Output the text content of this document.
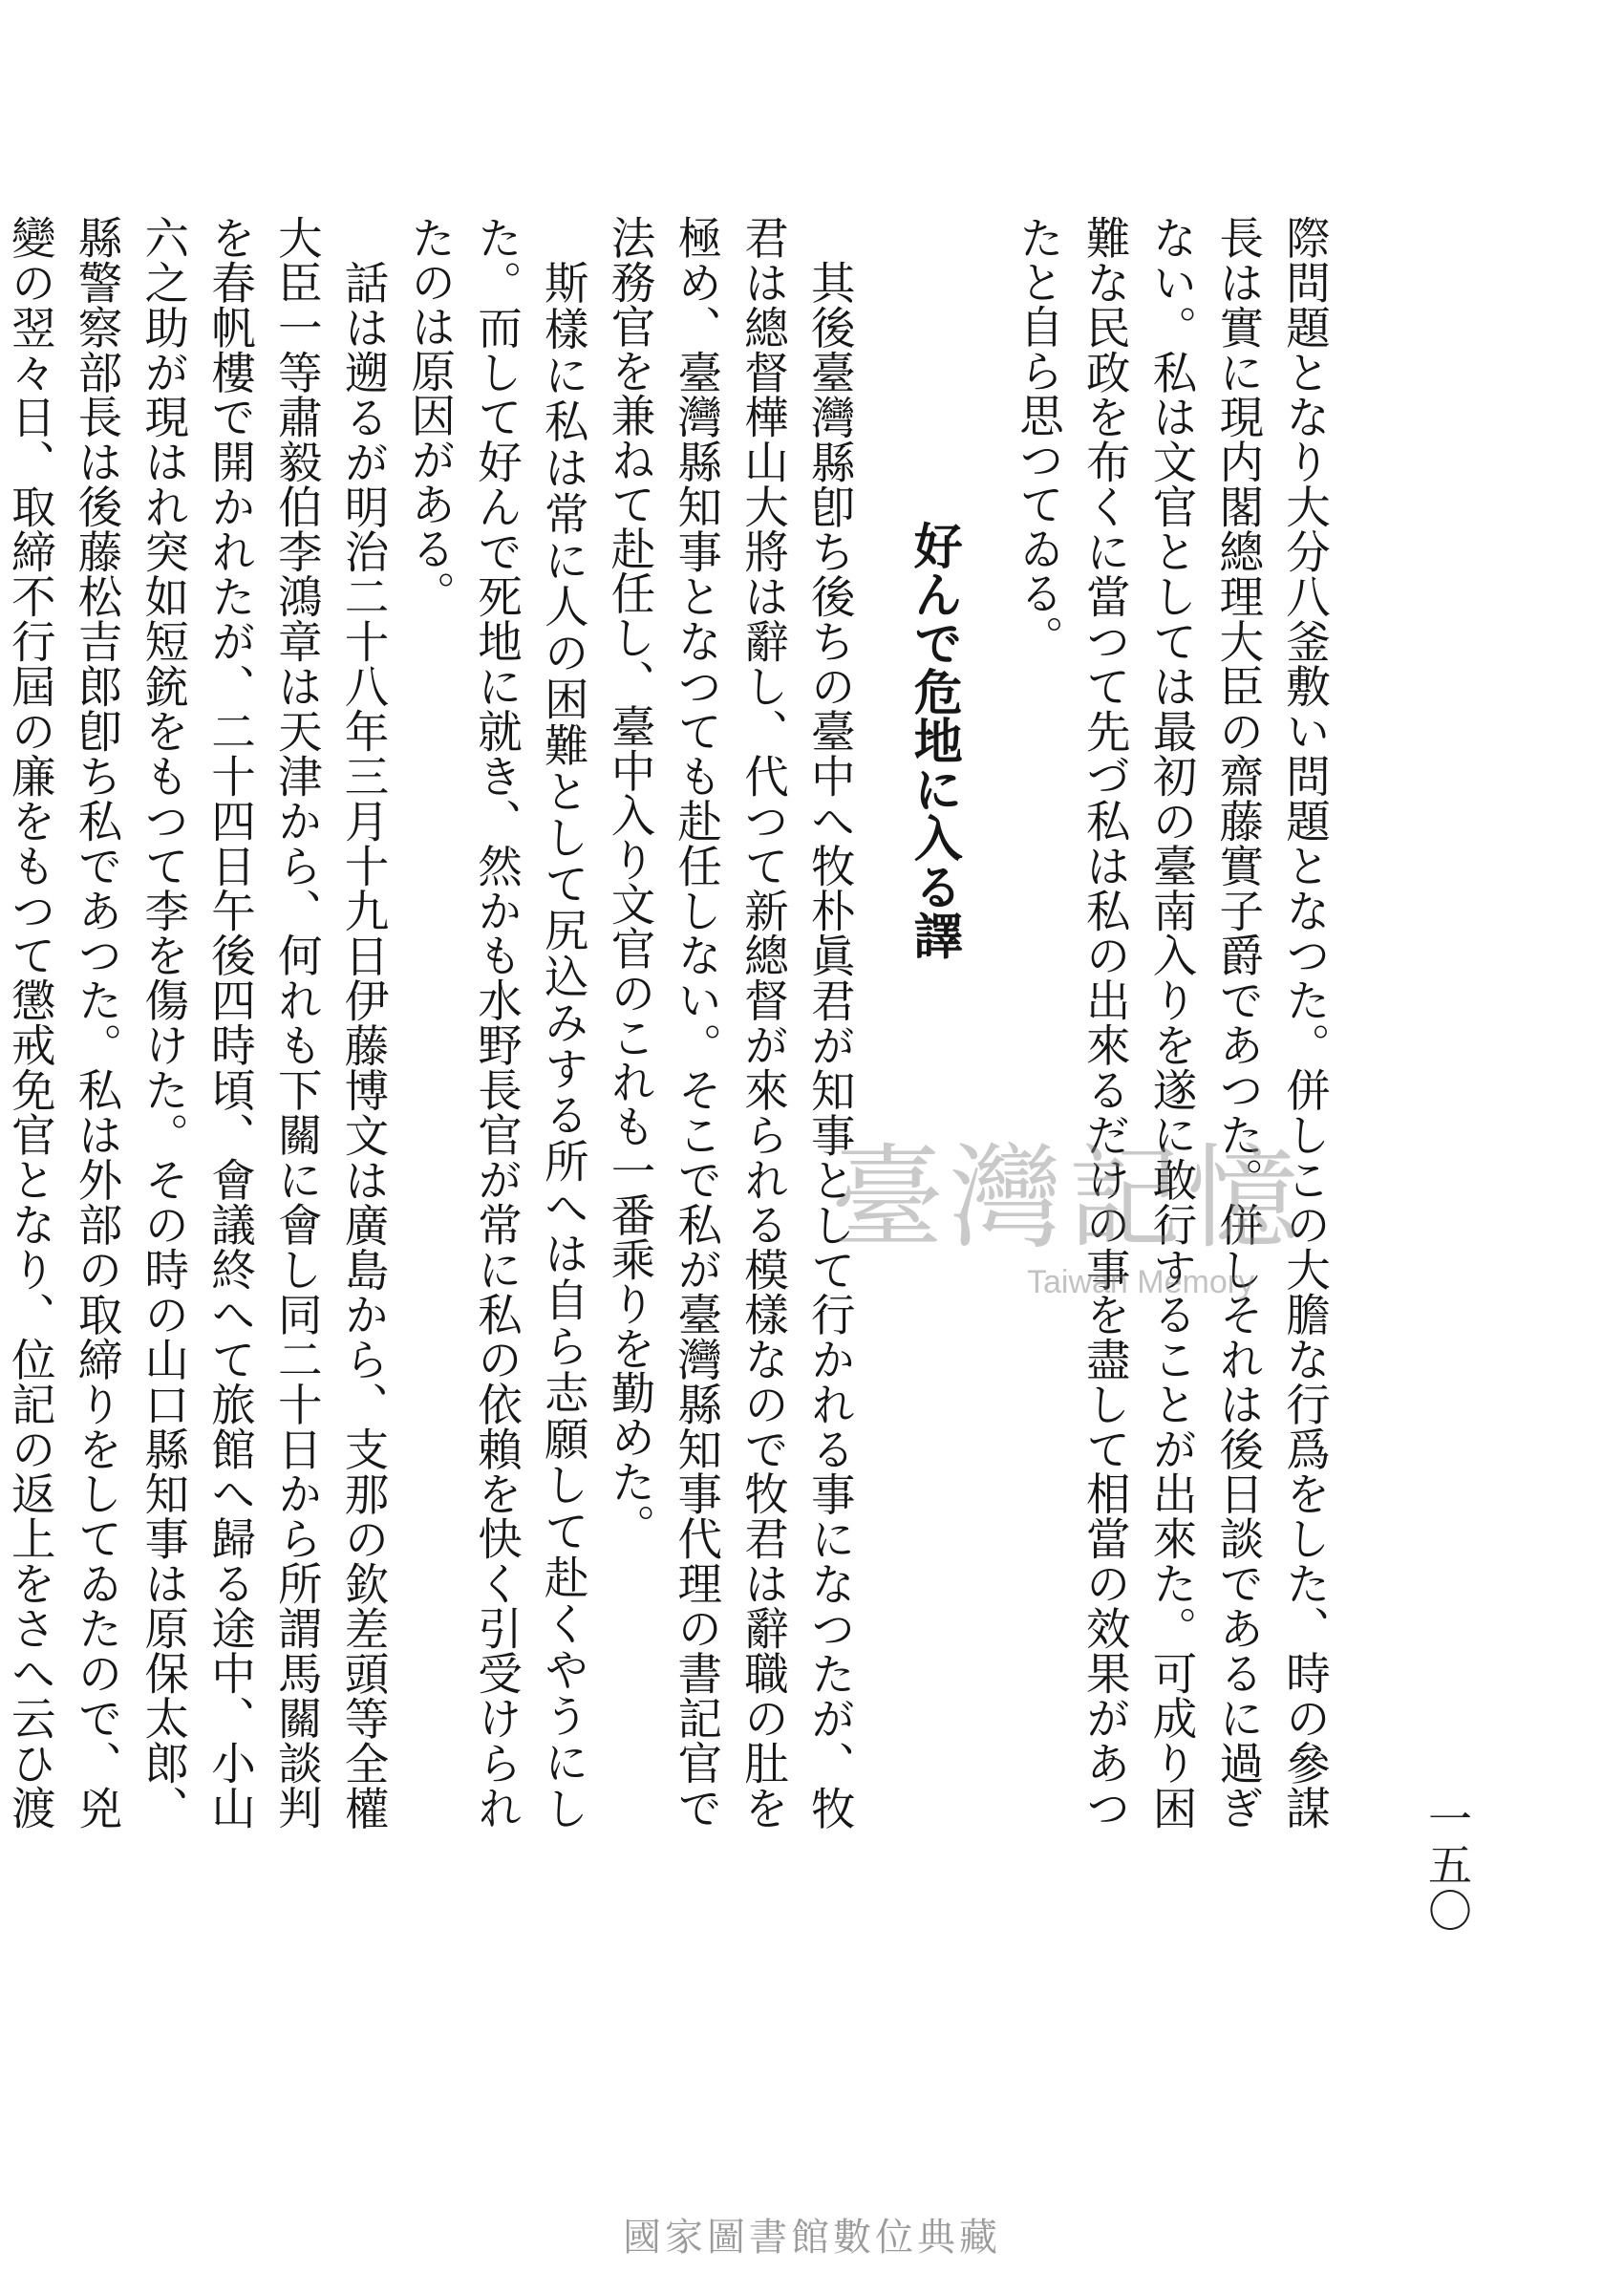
一五〇

際問題となり大分八釜敷い問題となつた。併しこの大膽な行爲をした、時の參謀長は實に現内閣總理大臣の齋藤實子爵であつた。併しそれは後日談であるに過ぎない。私は文官としては最初の臺南入りを遂に敢行することが出來た。可成り困難な民政を布くに當つて先づ私は私の出來るだけの事を盡して相當の效果があつたと自ら思つてゐる。

好んで危地に入る譯

其後臺灣縣卽ち後ちの臺中へ牧朴眞君が知事として行かれる事になつたが、牧君は總督樺山大將は辭し、代つて新總督が來られる模樣なので牧君は辭職の肚を極め、臺灣縣知事となつても赴任しない。そこで私が臺灣縣知事代理の書記官で法務官を兼ねて赴任し、臺中入り文官のこれも一番乘りを勤めた。

斯樣に私は常に人の困難として尻込みする所へは自ら志願して赴くやうにした。而して好んで死地に就き、然かも水野長官が常に私の依賴を快く引受けられたのは原因がある。

話は遡るが明治二十八年三月十九日伊藤博文は廣島から、支那の欽差頭等全權大臣一等肅毅伯李鴻章は天津から、何れも下關に會し同二十日から所謂馬關談判を春帆樓で開かれたが、二十四日午後四時頃、會議終へて旅館へ歸る途中、小山六之助が現はれ突如短銃をもつて李を傷けた。その時の山口縣知事は原保太郎、縣警察部長は後藤松吉郎卽ち私であつた。私は外部の取締りをしてゐたので、兇變の翌々日、取締不行屆の廉をもつて懲戒免官となり、位記の返上をさへ云ひ渡

臺灣記憶
Taiwan Memory
國家圖書館數位典藏
